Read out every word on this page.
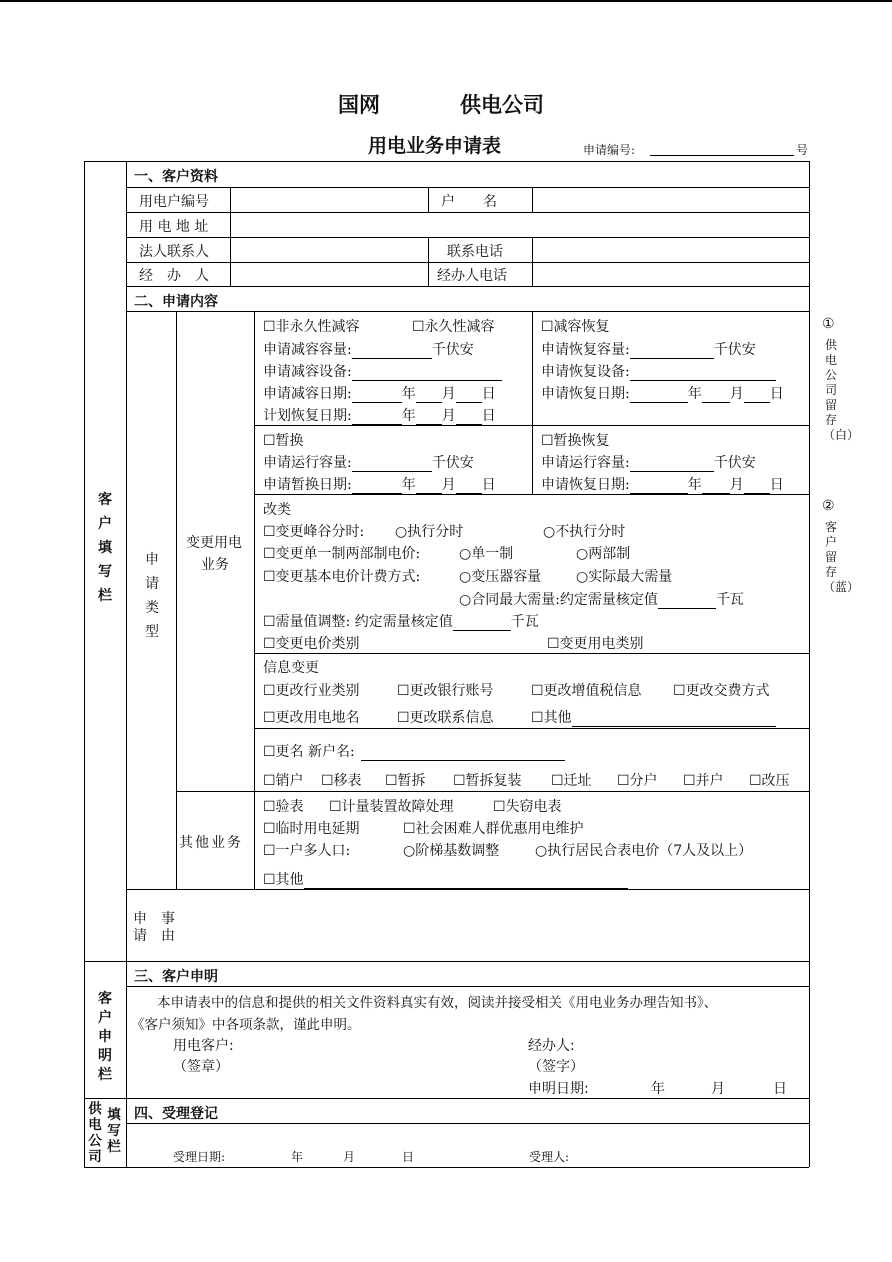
国网	供电公司
用电业务申请表	申请编号:	号
客户填写栏
客户申明栏
供电公司
填写栏
①
供电公司留存（白）
②
客户留存（蓝）
一、客户资料
用电户编号	户　　名
用 电 地 址
法人联系人	联系电话
经　办　人	经办人电话
二、申请内容
申请类型
变更用电
业务
其他业务
申　事
请　由
☐非永久性减容	☐永久性减容
申请减容容量:	千伏安
申请减容设备:
申请减容日期:	年 月 日
计划恢复日期:	年 月 日
☐减容恢复
申请恢复容量:	千伏安
申请恢复设备:
申请恢复日期:	年 月 日
☐暂换
申请运行容量:	千伏安
申请暂换日期:	年 月 日
☐暂换恢复
申请运行容量:	千伏安
申请恢复日期:	年 月 日
改类
☐变更峰谷分时: ○执行分时	○不执行分时
☐变更单一制两部制电价:	○单一制	○两部制
☐变更基本电价计费方式:	○变压器容量 ○实际最大需量
○合同最大需量:约定需量核定值	千瓦
☐需量值调整: 约定需量核定值	千瓦
☐变更电价类别	☐变更用电类别
信息变更
☐更改行业类别	☐更改银行账号	☐更改增值税信息 ☐更改交费方式
☐更改用电地名	☐更改联系信息	☐其他
☐更名 新户名:
☐销户 ☐移表 ☐暂拆 ☐暂拆复装 ☐迁址 ☐分户 ☐并户 ☐改压
☐验表 ☐计量装置故障处理	☐失窃电表
☐临时用电延期	☐社会困难人群优惠用电维护
☐一户多人口:	○阶梯基数调整	○执行居民合表电价（7人及以上）
☐其他
三、客户申明
本申请表中的信息和提供的相关文件资料真实有效，阅读并接受相关《用电业务办理告知书》、
《客户须知》中各项条款，谨此申明。
用电客户:
（签章）
经办人:
（签字）
申明日期:	年	月	日
四、受理登记
受理日期:	年	月	日	受理人:
